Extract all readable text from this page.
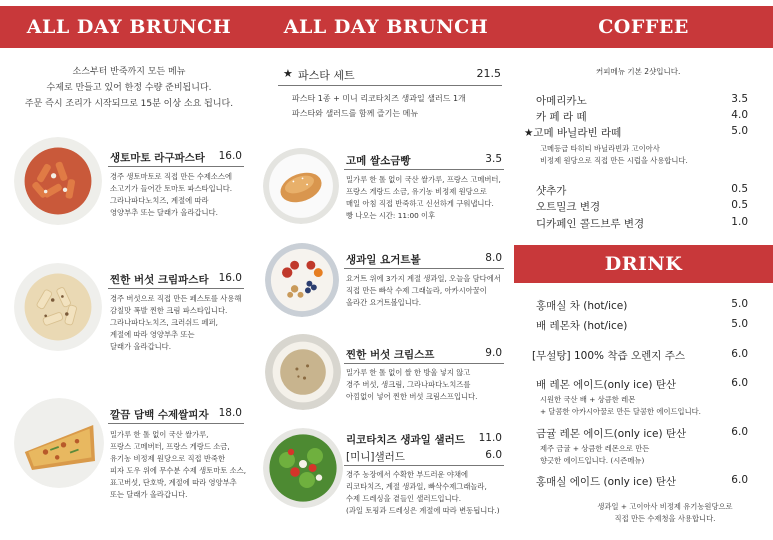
ALL DAY BRUNCH
소스부터 반죽까지 모든 메뉴
수제로 만들고 있어 한정 수량 준비됩니다.
주문 즉시 조리가 시작되므로 15분 이상 소요 됩니다.
생토마토 라구파스타	16.0
경주 생토마토로 직접 만든 수제소스에
소고기가 들어간 토마토 파스타입니다.
그라나파다노치즈, 계절에 따라
영양부추 또는 달래가 올라갑니다.
찐한 버섯 크림파스타 16.0
경주 버섯으로 직접 만든 페스토를 사용해
감칠맛 폭발 찐한 크림 파스타입니다.
그라나파다노치즈, 크러쉬드 페퍼,
계절에 따라 영양부추 또는
달래가 올라갑니다.
깔끔 담백 수제쌀피자 18.0
밀가루 한 톨 없이 국산 쌀가루,
프랑스 고메버터, 프랑스 게랑드 소금,
유기농 비정제 원당으로 직접 반죽한
피자 도우 위에 무수분 수제 생토마토 소스,
표고버섯, 단호박, 계절에 따라 영양부추
또는 달래가 올라갑니다.
ALL DAY BRUNCH
★ 파스타 세트	21.5
파스타 1종 + 미니 리코타치즈 생과일 샐러드 1개
파스타와 샐러드를 함께 즐기는 메뉴
고메 쌀소금빵	3.5
밀가루 한 톨 없이 국산 쌀가루, 프랑스 고메버터,
프랑스 게랑드 소금, 유기농 비정제 원당으로
매일 아침 직접 반죽하고 신선하게 구워냅니다.
빵 나오는 시간: 11:00 이후
생과일 요거트볼	8.0
요거트 위에 3가지 계절 생과일, 오늘을 담다에서
직접 만든 빠삭 수제 그래놀라, 아카시아꿀이
올라간 요거트볼입니다.
찐한 버섯 크림스프	9.0
밀가루 한 톨 없이 쌀 한 방울 넣지 않고
경주 버섯, 생크림, 그라나파다노치즈를
아낌없이 넣어 찐한 버섯 크림스프입니다.
리코타치즈 생과일 샐러드	11.0
[미니]샐러드	6.0
경주 농장에서 수확한 부드러운 야채에
리코타치즈, 계절 생과일, 빠삭수제그래놀라,
수제 드레싱을 곁들인 샐러드입니다.
(과일 토핑과 드레싱은 계절에 따라 변동됩니다.)
COFFEE
커피메뉴 기본 2샷입니다.
아메리카노	3.5
카 페 라 떼	4.0
★고메 바닐라빈 라떼	5.0
고메등급 타히티 바닐라빈과 고이아사
비정제 원당으로 직접 만든 시럽을 사용합니다.
샷추가	0.5
오트밀크 변경	0.5
디카페인 콜드브루 변경	1.0
DRINK
홍매실 차 (hot/ice)	5.0
배 레몬차 (hot/ice)	5.0
[무설탕] 100% 착즙 오렌지 주스	6.0
배 레몬 에이드(only ice) 탄산	6.0
시원한 국산 배 + 상큼한 레몬
+ 달콤한 아카시아꿀로 만든 달콤한 에이드입니다.
금귤 레몬 에이드(only ice) 탄산	6.0
제주 금귤 + 상큼한 레몬으로 만든
향긋한 에이드입니다. (시즌메뉴)
홍매실 에이드 (only ice) 탄산	6.0
생과일 + 고이아사 비정제 유기농원당으로
직접 만든 수제청을 사용합니다.
